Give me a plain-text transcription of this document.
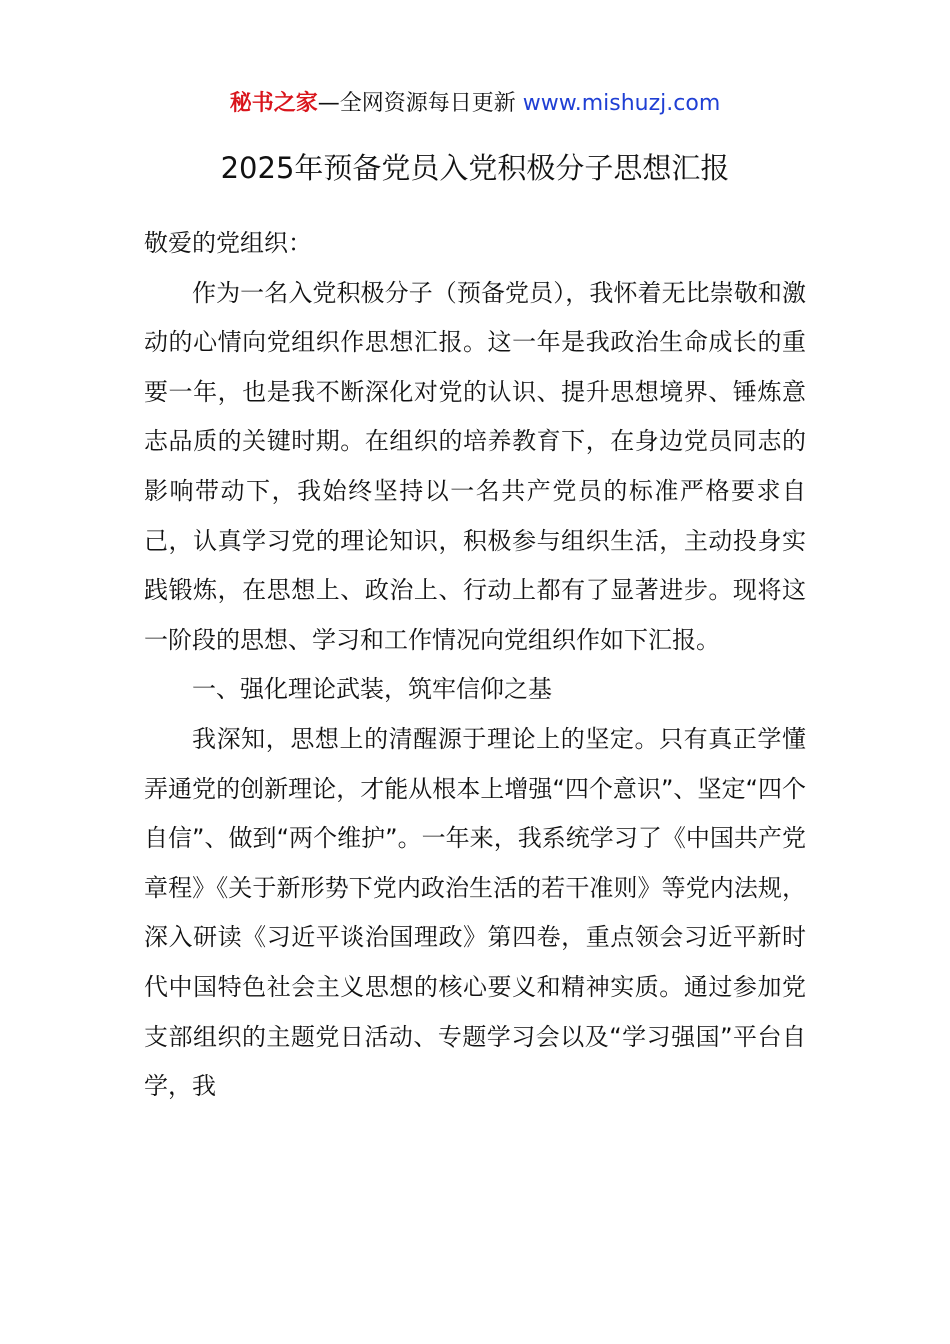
秘书之家—全网资源每日更新 www.mishuzj.com
2025年预备党员入党积极分子思想汇报

敬爱的党组织：

作为一名入党积极分子（预备党员），我怀着无比崇敬和激动的心情向党组织作思想汇报。这一年是我政治生命成长的重要一年，也是我不断深化对党的认识、提升思想境界、锤炼意志品质的关键时期。在组织的培养教育下，在身边党员同志的影响带动下，我始终坚持以一名共产党员的标准严格要求自己，认真学习党的理论知识，积极参与组织生活，主动投身实践锻炼，在思想上、政治上、行动上都有了显著进步。现将这一阶段的思想、学习和工作情况向党组织作如下汇报。

一、强化理论武装，筑牢信仰之基

我深知，思想上的清醒源于理论上的坚定。只有真正学懂弄通党的创新理论，才能从根本上增强“四个意识”、坚定“四个自信”、做到“两个维护”。一年来，我系统学习了《中国共产党章程》《关于新形势下党内政治生活的若干准则》等党内法规，深入研读《习近平谈治国理政》第四卷，重点领会习近平新时代中国特色社会主义思想的核心要义和精神实质。通过参加党支部组织的主题党日活动、专题学习会以及“学习强国”平台自学，我
